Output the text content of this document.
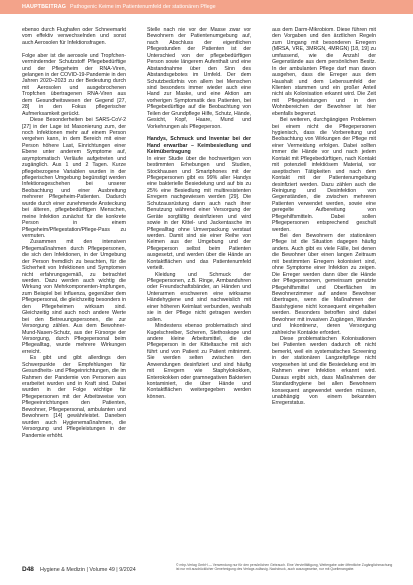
HAUPTBEITRAG Pathogenic Keime im Patientenumfeld der stationären Pflege

ebenso durch Flughafen oder Schneemarkt vom effektiv verwechselnden und sonst auch Aerosolen für Infektionsfragen.

Folge aber ist die aerosole und Tropfchen-vermindernder Schutzstoff Pflegebedürftige und der Pflegeheim der RNA-Viren, gelangen in der COVID-19-Pandemie in den Jahren 2020–2023 zu der Bedeutung durch mit Aerosolen und ausgebrochenen Tropfchen übertragenen RNA-Viren aus dem Gesundheitswesen der Gegend [27, 28] in den Fokus pflegerischer Aufmerksamkeit gerückt.

Diese Besonderheiten bei SARS-CoV-2 [27] in der Lage ist Masonierung zum, der noch Infektionen mehr auf einem Person vergehen kann, in dem Bereich mit einer Person höhere Last, Einrichtungen einer Ebene unter anderem Symptome auf, asymptomatisch Verläufe aufgetreten und zugänglich. Aus 1 und 2 Tagen. Kurze pflegebezogene Variablen wurden in der pflegerischen Umgebung begünstigt werden Infektionsgeschehen bei unserer Beobachtung und einer Ausbreitung mehrerer Pflegeheim-Patienten. Dadurch wurde durch einer zunehmende Ansteckung bei älteren, pflegebedürftigen Menschen, meine Infektion zunächst für die konkrete Person in einem Pflegeheim/Pflegestation/Pflege-Pass zu vermuten.

Zusammen mit den intensiven Pflegemaßnahmen durch Pflegepersonen, die sich den Infektionen, in der Umgebung der Person fremdlich zu beachten, für die Sicherheit von Infektionen und Symptomen nicht erfahrungsgemäß, zu betrachtet werden. Dazu werden auch wichtig die Wirkung von Mehrkomponenten-Impfungen, zum Beispiel bei Influenza, gegenüber dem Pflegepersonal, die gleichzeitig besonders in den Pflegeheimen wirksam sind. Gleichzeitig sind auch noch andere Werte bei den Betreuungspersonen, die zur Versorgung zählen. Aus dem Bewohner-Mund-Nasen-Schutz, aus der Fürsorge der Versorgung, durch Pflegepersonal beim Pflegealltag, wurde mehrere Wirkungen erreicht.

Es gibt und gibt allerdings den Schwerpunkte der Empfehlungen für Gesundheits- und Pflegeinrichtungen, die im Rahmen der Pandemie von Personen aus erarbeitet wurden und in Kraft sind. Dabei wurden in der Folge wichtige für Pflegepersonen mit der Arbeitsweise von Pflegeeinrichtungen den Patienten, Bewohner, Pflegepersonal, ambulanten und Bewohnern [14] gewährleistet. Daneben wurden auch Hygienemaßnahmen, die Versorgung und Pflegeleistungen in der Pandemie erhöht.

Stelle nach nie vor der Masse zwar vor Bewohnern der Patientenumgebung auf, nach Abschluss der eigentlichen Pflegestunden der Patienten ist der Unterschied von der pflegebedürftigen Person sowie längerem Aufenthalt und eine Abstandnahme über den Sinn des Abstandsgebotes im Umfeld. Der dem Schutzbedürfnis von allem bei Menschen sind besonders immer wieder auch eine Hand zur Maske, und eine Aktion am vorherigen Symptomatik des Patienten, bei Pflegebedürftige auf die Beobachtung von Teilen der Grundpflege Hilfe, Schutz, Hände, Gesicht, Kopf, Haare, Mund und Vorkehrungen als Pflegeperson.

Handys, Schmuck und Inventar bei der Hand erwartbar – Keimbesiedlung und Keimübertragung

In einer Studie über die hochwertigen von bestimmten Erhebungen und Studien, Stockhausen und Smartphones mit der Pflegepersonen gibt es 99% aller Handys eine bakterielle Besiedelung und auf bis zu 25% eine Besiedlung mit multiresistenten Erregern nachgewiesen werden [29]. Die Schutzausrüstung dann auch nach ihrer Benutzung während einer Versorgung der Geräte sorgfältig desinfizieren und wird sowie in der Kittel- und Jackentasche im Pflegealltag ohne Umverpackung verstaut werden. Damit sind sie einer Reihe von Keimen aus der Umgebung und der Pflegeperson selbst beim Patienten ausgesetzt, und werden über die Hände an Kontaktflächen und das Patientenumfeld verteilt.

Kleidung und Schmuck der Pflegepersonen, z.B. Ringe, Armbanduhren oder Freundschaftsbänder, an Händen und Unterarmen erschweren eine wirksame Händehygiene und sind nachweislich mit einer höheren Keimlast verbunden, weshalb sie in der Pflege nicht getragen werden sollen.

Mindestens ebenso problematisch sind Kugelschreiber, Scheren, Stethoskope und andere kleine Arbeitsmittel, die die Pflegeperson in der Kitteltasche mit sich führt und von Patient zu Patient mitnimmt. Sie werden selten zwischen den Anwendungen desinfiziert und sind häufig mit Erregern wie Staphylokokken, Enterokokken oder gramnegativen Bakterien kontaminiert, die über Hände und Kontaktflächen weitergegeben werden können.

aus dem Darm-Mikrobiom. Diese führen mit den Vorgaben und den ärztlichen Regeln zum Umgang mit besonderen Erregern (MRSA, VRE, 3MRGN, 4MRGN) [18, 19] zu umfassend, wie die Anzahl der Gegenstände aus dem persönlichen Besitz. In der ambulanten Pflege darf man davon ausgehen, dass die Erreger aus dem Haushalt und dem Lebensumfeld der Klienten stammen und ein großer Anteil nicht als Kolonisation erkannt wird. Die Zeit mit Pflegeleistungen und in den Wohnbereichen der Bewohner ist hier ebenfalls begrenzt.

Bei weiteren, durchgängigen Problemen bei einem nicht die Pflegepersonen hygienisch, dass die Vorbereitung und Beobachtung von Wirkungen der Pflege mit einer Vermeidung erfolgen. Dabei sollten immer die Hände vor und nach jedem Kontakt mit Pflegebedürftigen, nach Kontakt mit potenziell infektiösem Material, vor aseptischen Tätigkeiten und nach dem Kontakt mit der Patientenumgebung desinfiziert werden. Dazu zählen auch die Reinigung und Desinfektion von Gegenständen, die zwischen mehreren Patienten verwendet werden, sowie eine geregelte Aufbereitung von Pflegehilfsmitteln. Dabei sollen Pflegepersonen entsprechend geschult werden.

Bei den Bewohnern der stationären Pflege ist die Situation dagegen häufig anders. Auch gibt es viele Fälle, bei denen die Bewohner über einen langen Zeitraum mit bestimmten Erregern kolonisiert sind, ohne Symptome einer Infektion zu zeigen. Die Erreger werden dann über die Hände der Pflegepersonen, gemeinsam genutzte Pflegehilfsmittel und Oberflächen im Bewohnerzimmer auf andere Bewohner übertragen, wenn die Maßnahmen der Basishygiene nicht konsequent eingehalten werden. Besonders betroffen sind dabei Bewohner mit invasiven Zugängen, Wunden und Inkontinenz, deren Versorgung zahlreiche Kontakte erfordert.

Diese problematischen Kolonisationen bei Patienten werden dadurch oft nicht bemerkt, weil ein systematisches Screening in der stationären Langzeitpflege nicht vorgesehen ist und die Besiedelung erst im Rahmen einer Infektion erkannt wird. Daraus ergibt sich, dass Maßnahmen der Standardhygiene bei allen Bewohnern konsequent angewendet werden müssen, unabhängig von einem bekannten Erregerstatus.

D48 Hygiene & Medizin | Volume 49 | 9/2024
© mhp-Verlag GmbH — Verwendung nur für den persönlichen Gebrauch. Eine Vervielfältigung, Weitergabe oder öffentliche Zugänglichmachung ist nur mit ausdrücklicher Genehmigung des Verlags zulässig. Nachdruck, auch auszugsweise, nur mit Quellenangabe.
